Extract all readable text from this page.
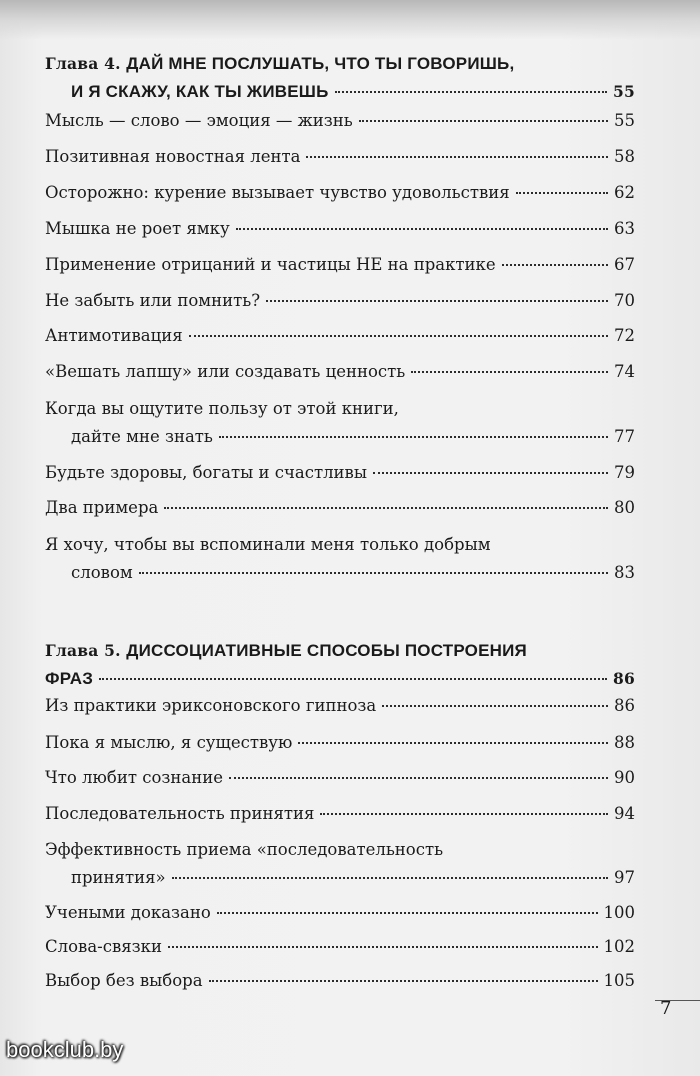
Глава 4.
ДАЙ МНЕ ПОСЛУШАТЬ, ЧТО ТЫ ГОВОРИШЬ,
И Я СКАЖУ, КАК ТЫ ЖИВЕШЬ	55
Мысль — слово — эмоция — жизнь	55
Позитивная новостная лента	58
Осторожно: курение вызывает чувство удовольствия	62
Мышка не роет ямку	63
Применение отрицаний и частицы НЕ на практике	67
Не забыть или помнить?	70
Антимотивация	72
«Вешать лапшу» или создавать ценность	74
Когда вы ощутите пользу от этой книги,
дайте мне знать	77
Будьте здоровы, богаты и счастливы	79
Два примера	80
Я хочу, чтобы вы вспоминали меня только добрым
словом	83
Глава 5.
ДИССОЦИАТИВНЫЕ СПОСОБЫ ПОСТРОЕНИЯ
ФРАЗ	86
Из практики эриксоновского гипноза	86
Пока я мыслю, я существую	88
Что любит сознание	90
Последовательность принятия	94
Эффективность приема «последовательность
принятия»	97
Учеными доказано	100
Слова-связки	102
Выбор без выбора	105
7
bookclub.by
